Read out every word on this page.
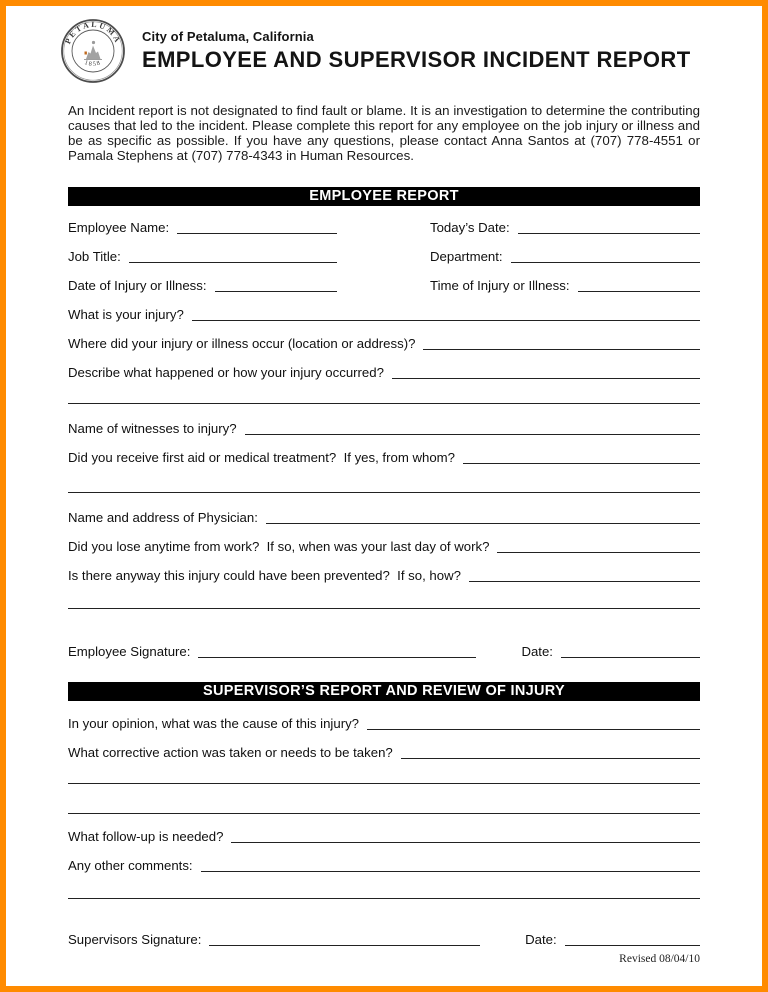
PETALUMA
1858
City of Petaluma, California
EMPLOYEE AND SUPERVISOR INCIDENT REPORT
An Incident report is not designated to find fault or blame. It is an investigation to determine the contributing causes that led to the incident. Please complete this report for any employee on the job injury or illness and be as specific as possible. If you have any questions, please contact Anna Santos at (707) 778-4551 or Pamala Stephens at (707) 778-4343 in Human Resources.
EMPLOYEE REPORT
Employee Name:	Today’s Date:
Job Title:	Department:
Date of Injury or Illness:	Time of Injury or Illness:
What is your injury?
Where did your injury or illness occur (location or address)?
Describe what happened or how your injury occurred?
Name of witnesses to injury?
Did you receive first aid or medical treatment?  If yes, from whom?
Name and address of Physician:
Did you lose anytime from work?  If so, when was your last day of work?
Is there anyway this injury could have been prevented?  If so, how?
Employee Signature:	Date:
SUPERVISOR’S REPORT AND REVIEW OF INJURY
In your opinion, what was the cause of this injury?
What corrective action was taken or needs to be taken?
What follow-up is needed?
Any other comments:
Supervisors Signature:	Date:
Revised 08/04/10
